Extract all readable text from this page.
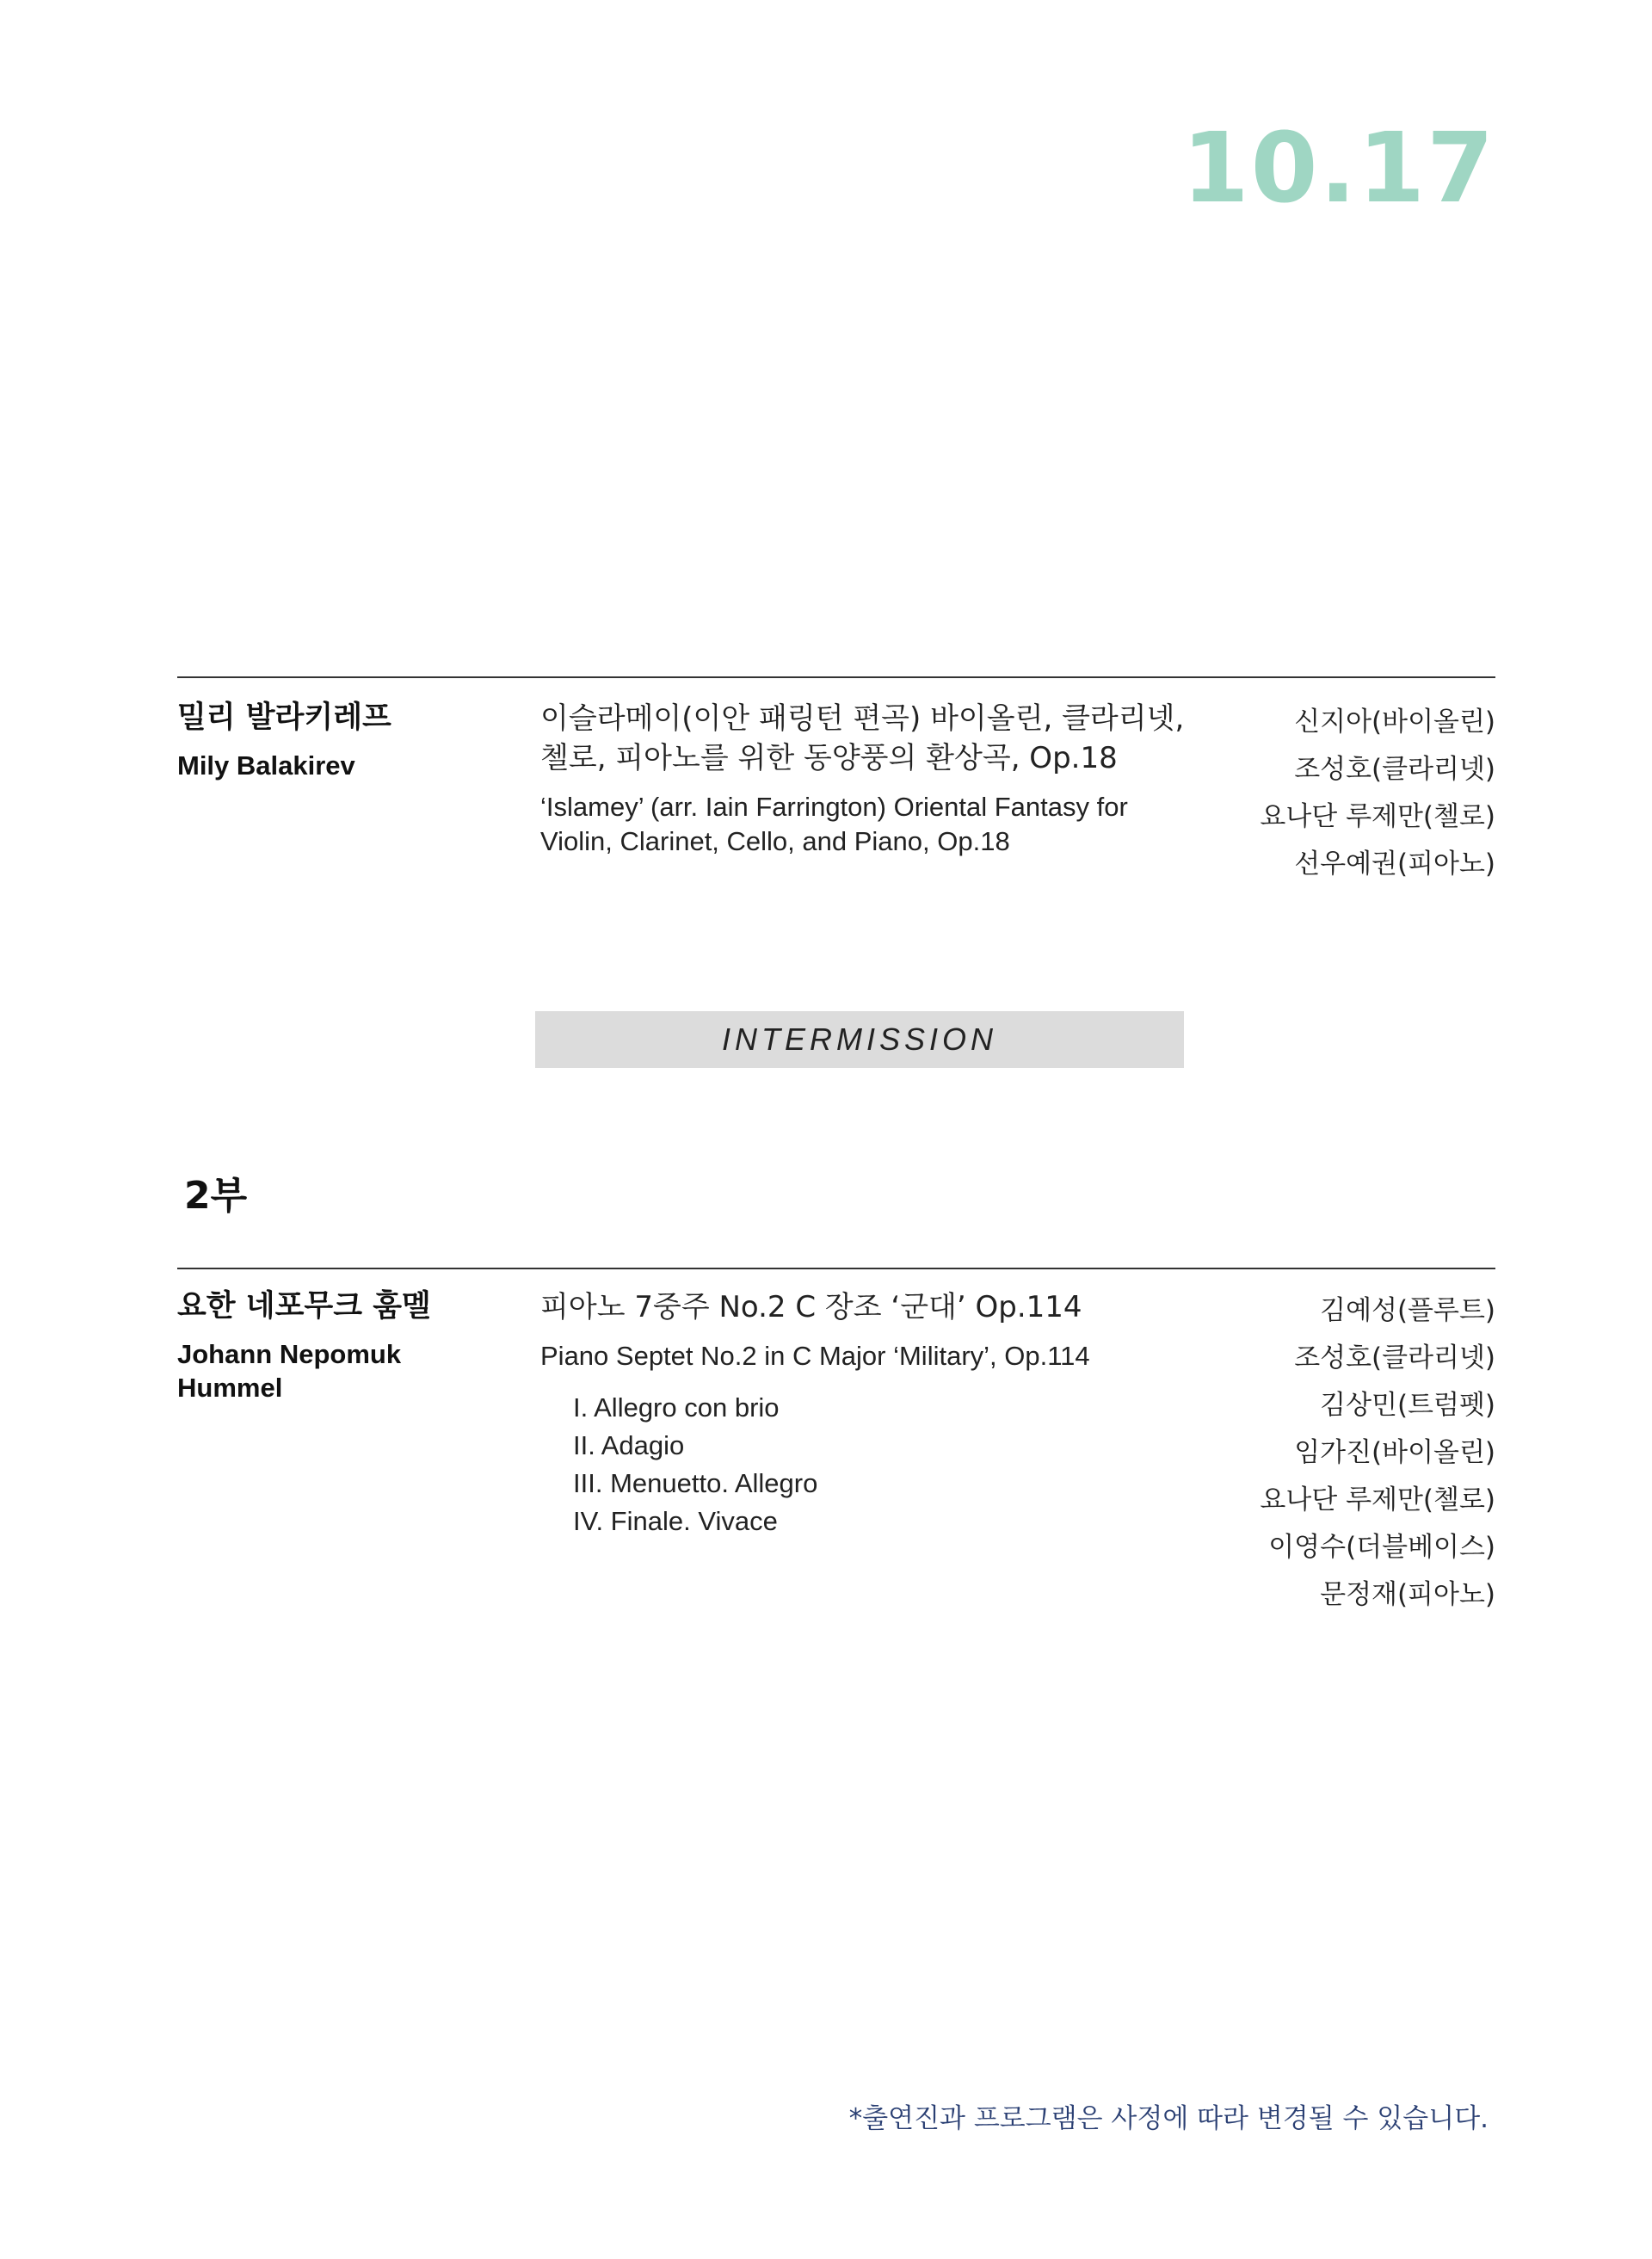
10.17
밀리 발라키레프
Mily Balakirev
이슬라메이(이안 패링턴 편곡) 바이올린, 클라리넷,
첼로, 피아노를 위한 동양풍의 환상곡, Op.18
‘Islamey’ (arr. Iain Farrington) Oriental Fantasy for
Violin, Clarinet, Cello, and Piano, Op.18
신지아(바이올린)
조성호(클라리넷)
요나단 루제만(첼로)
선우예권(피아노)
INTERMISSION
2부
요한 네포무크 훔멜
Johann Nepomuk
Hummel
피아노 7중주 No.2 C 장조 ‘군대’ Op.114
Piano Septet No.2 in C Major ‘Military’, Op.114
I. Allegro con brio
II. Adagio
III. Menuetto. Allegro
IV. Finale. Vivace
김예성(플루트)
조성호(클라리넷)
김상민(트럼펫)
임가진(바이올린)
요나단 루제만(첼로)
이영수(더블베이스)
문정재(피아노)
*출연진과 프로그램은 사정에 따라 변경될 수 있습니다.
